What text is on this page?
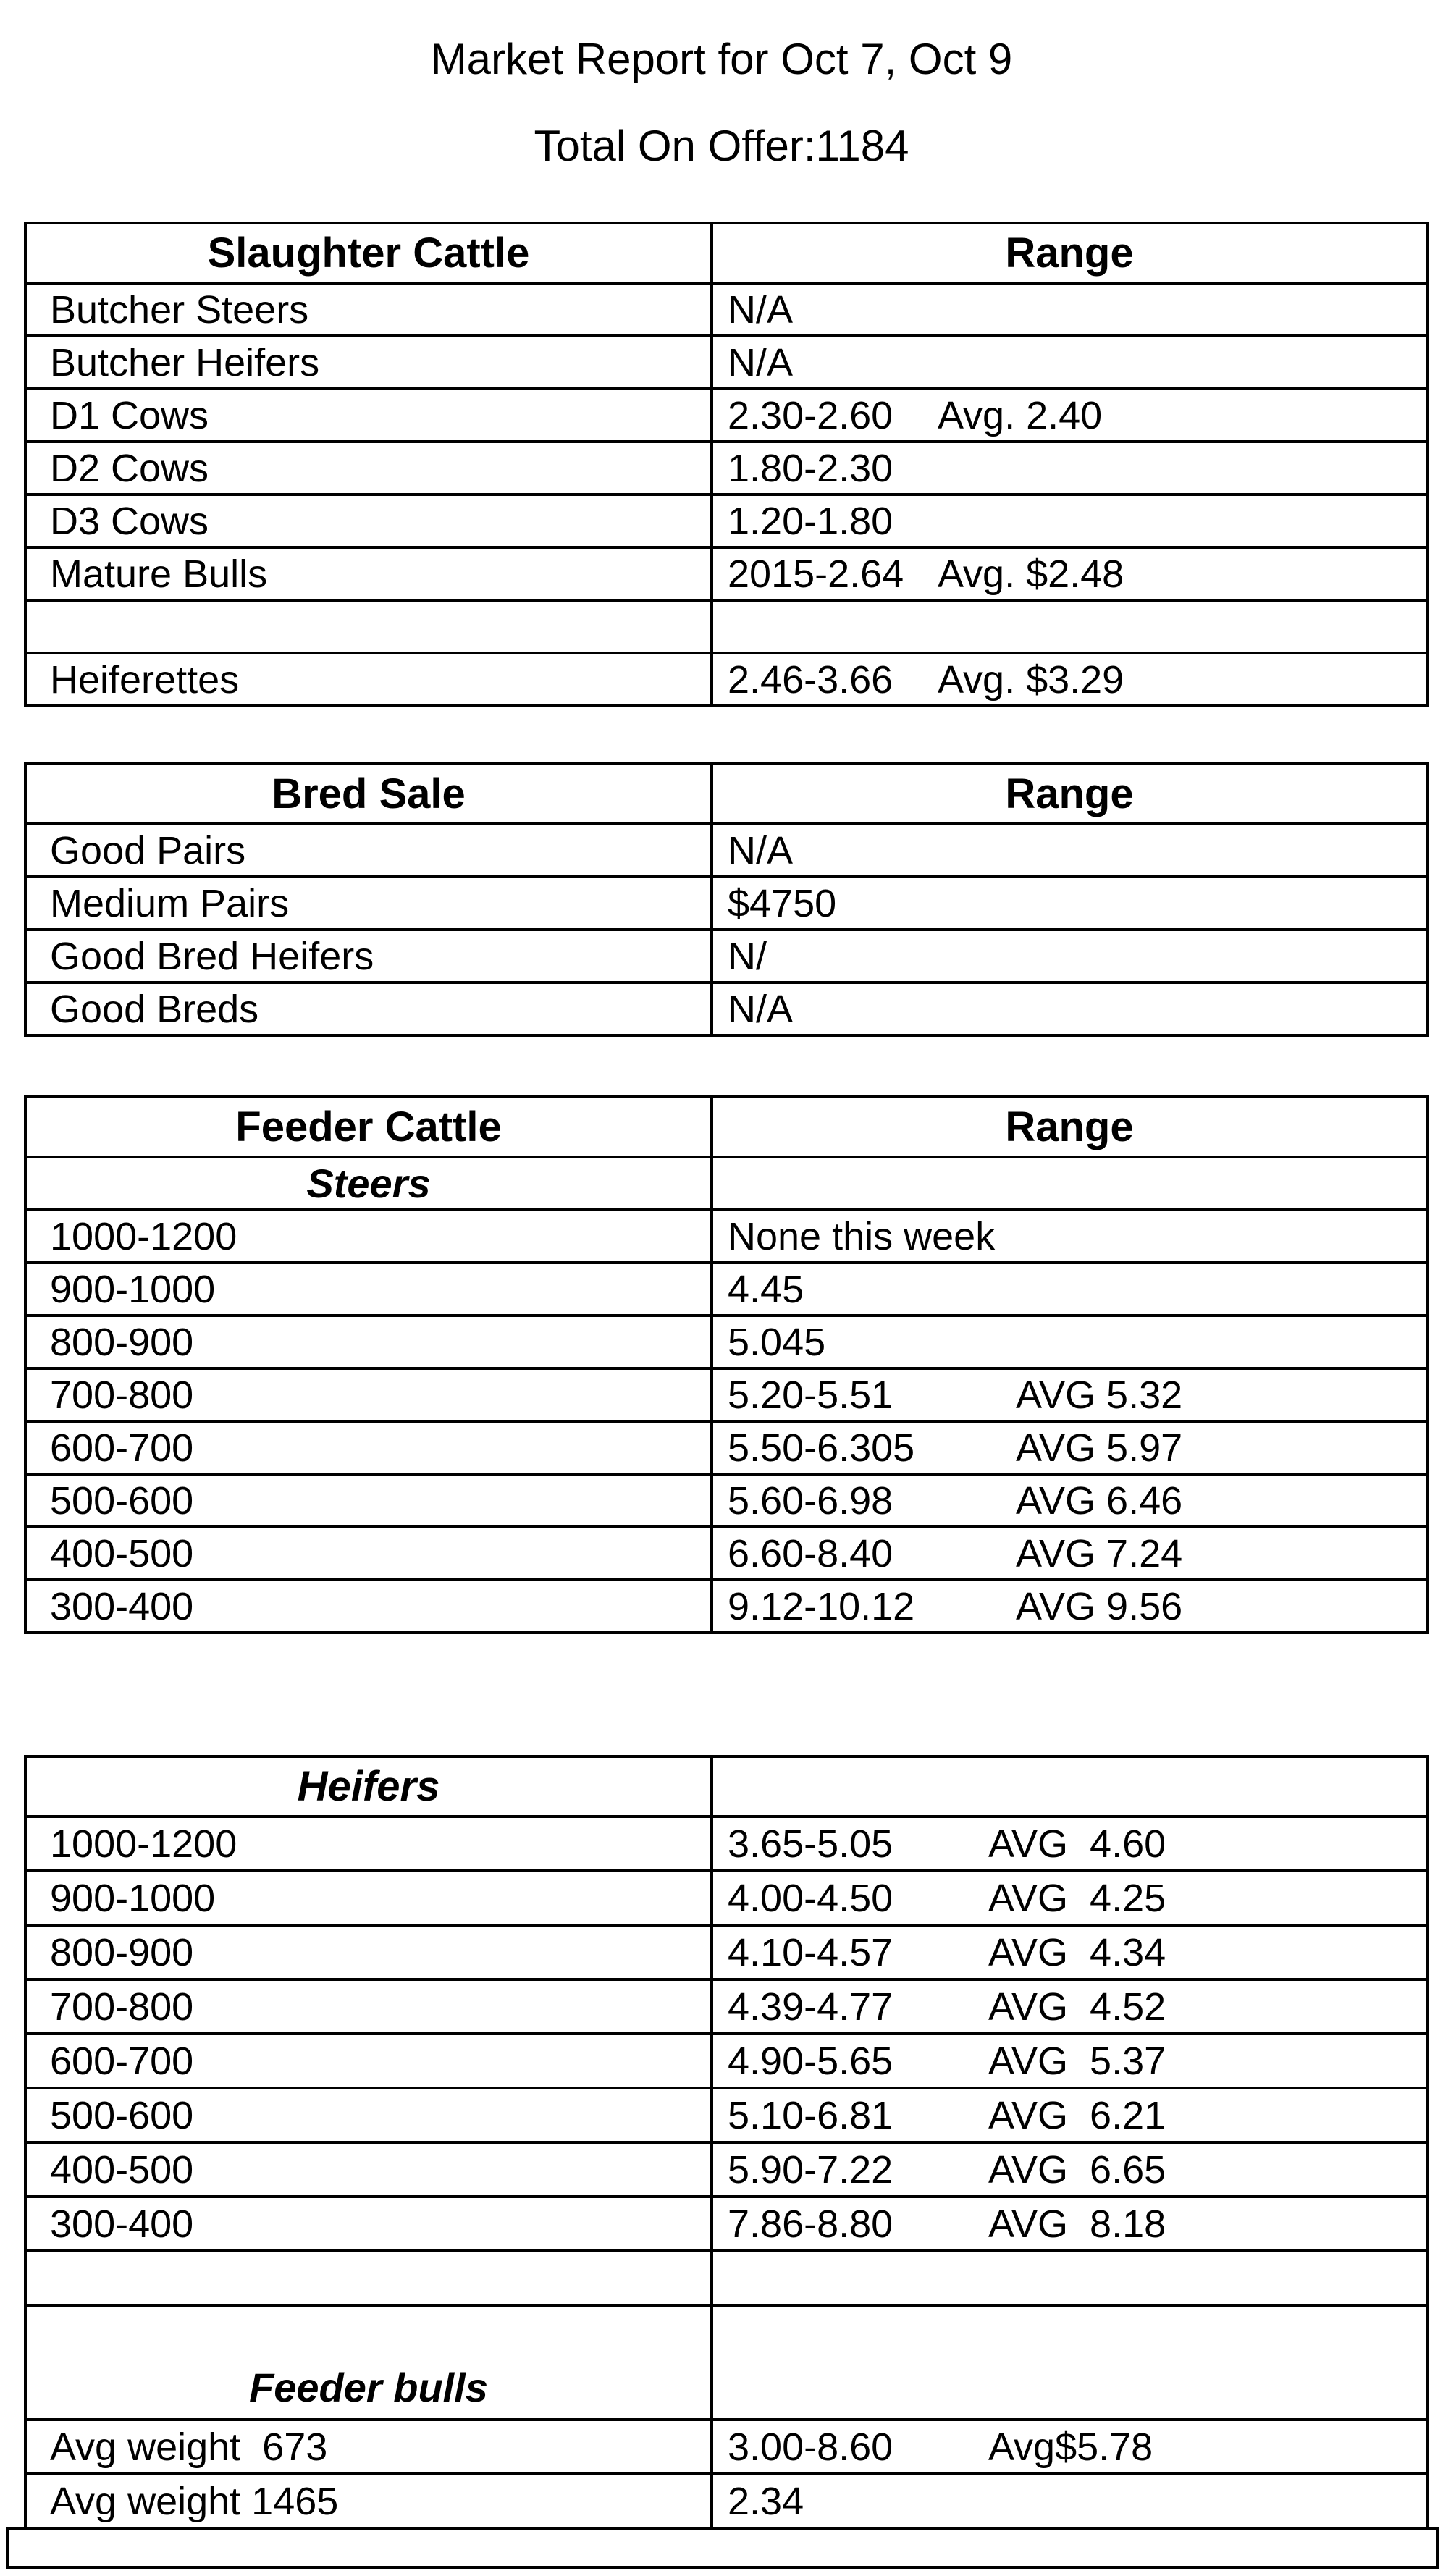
Market Report for Oct 7, Oct 9
Total On Offer:1184
Slaughter Cattle	Range
Butcher Steers	N/A
Butcher Heifers	N/A
D1 Cows	2.30-2.60 Avg. 2.40
D2 Cows	1.80-2.30
D3 Cows	1.20-1.80
Mature Bulls	2015-2.64 Avg. $2.48
Heiferettes	2.46-3.66 Avg. $3.29
Bred Sale	Range
Good Pairs	N/A
Medium Pairs	$4750
Good Bred Heifers	N/
Good Breds	N/A
Feeder Cattle	Range
Steers
1000-1200	None this week
900-1000	4.45
800-900	5.045
700-800	5.20-5.51	AVG 5.32
600-700	5.50-6.305	AVG 5.97
500-600	5.60-6.98	AVG 6.46
400-500	6.60-8.40	AVG 7.24
300-400	9.12-10.12	AVG 9.56
Heifers
1000-1200	3.65-5.05 AVG  4.60
900-1000	4.00-4.50 AVG  4.25
800-900	4.10-4.57 AVG  4.34
700-800	4.39-4.77 AVG  4.52
600-700	4.90-5.65 AVG  5.37
500-600	5.10-6.81 AVG  6.21
400-500	5.90-7.22 AVG  6.65
300-400	7.86-8.80 AVG  8.18
Feeder bulls
Avg weight  673	3.00-8.60 Avg$5.78
Avg weight 1465	2.34
